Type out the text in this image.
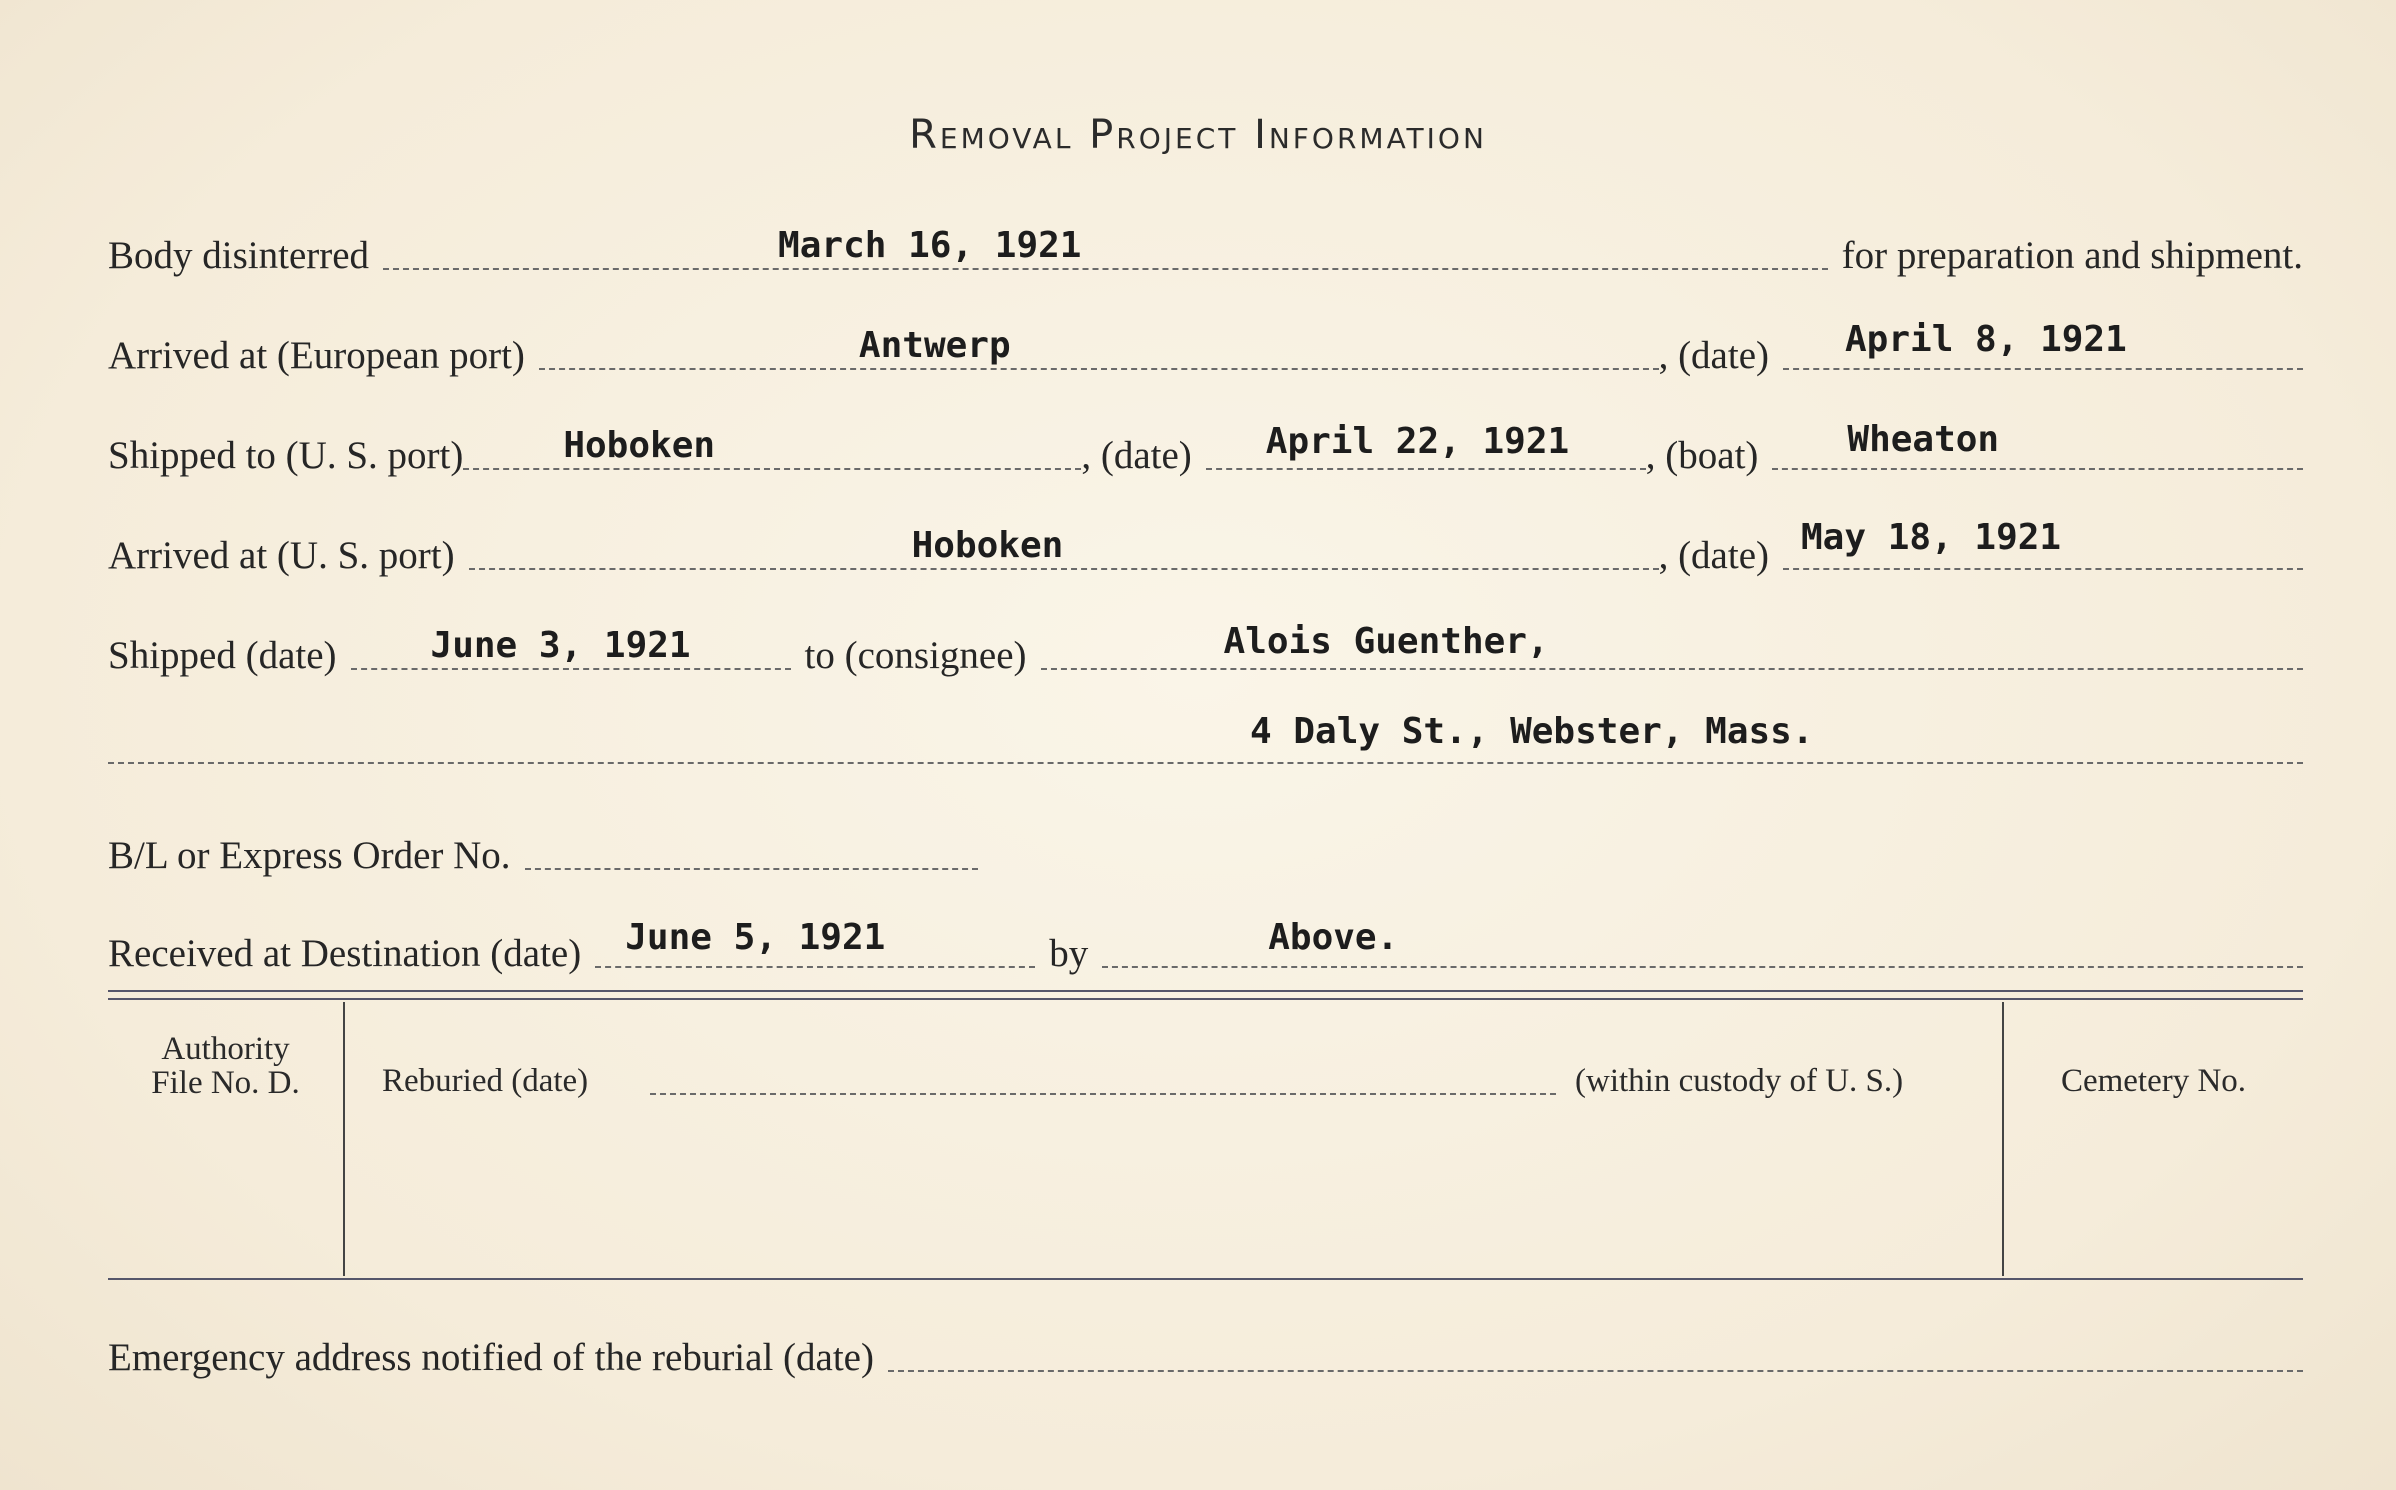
Removal Project Information
Body disinterred	March 16, 1921	for preparation and shipment.
Arrived at (European port)	Antwerp	, (date)	April 8, 1921
Shipped to (U. S. port)	Hoboken	, (date)	April 22, 1921 , (boat)	Wheaton
Arrived at (U. S. port)	Hoboken	, (date) May 18, 1921
Shipped (date)	June 3, 1921	to (consignee)	Alois Guenther,
4 Daly St., Webster, Mass.
B/L or Express Order No.
Received at Destination (date)	June 5, 1921	by	Above.
Authority
File No. D.	Reburied (date)	(within custody of U. S.)	Cemetery No.
Emergency address notified of the reburial (date)
